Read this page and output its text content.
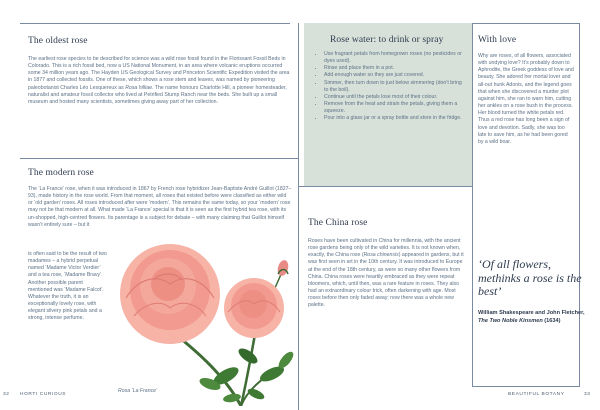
The oldest rose

The earliest rose species to be described for science was a wild rose fossil found in the Florissant Fossil Beds in Colorado. This is a rich fossil bed, now a US National Monument, in an area where volcanic eruptions occurred some 34 million years ago. The Hayden US Geological Survey and Princeton Scientific Expedition visited the area in 1877 and collected fossils. One of these, which shows a rose stem and leaves, was named by pioneering paleobotanist Charles Léo Lesquereux as Rosa hilliae. The name honours Charlotte Hill, a pioneer homesteader, naturalist and amateur fossil collector who lived at Petrified Stump Ranch near the beds. She built up a small museum and hosted many scientists, sometimes giving away part of her collection.

The modern rose

The ‘La France’ rose, when it was introduced in 1867 by French rose hybridizer Jean-Baptiste André Guillot (1827–93), made history in the rose world. From that moment, all roses that existed before were classified as either wild or ‘old garden’ roses. All roses introduced after were ‘modern’. This remains the same today, so your ‘modern’ rose may not be that modern at all. What made ‘La France’ special is that it is seen as the first hybrid tea rose, with its un-shopped, high-centred flowers. Its parentage is a subject for debate – with many claiming that Guillot himself wasn’t entirely sure – but it

is often said to be the result of two madames – a hybrid perpetual named ‘Madame Victor Verdier’ and a tea rose, ‘Madame Bravy’. Another possible parent mentioned was ‘Madame Falcot’. Whatever the truth, it is an exceptionally lovely rose, with elegant silvery pink petals and a strong, intense perfume.

Rosa ‘La France’
Rose water: to drink or spray
• Use fragrant petals from homegrown roses (no pesticides or dyes used).
• Rinse and place them in a pot.
• Add enough water so they are just covered.
• Simmer, then turn down to just below simmering (don’t bring to the boil).
• Continue until the petals lose most of their colour.
• Remove from the heat and strain the petals, giving them a squeeze.
• Pour into a glass jar or a spray bottle and store in the fridge.
With love

Why are roses, of all flowers, associated with undying love? It’s probably down to Aphrodite, the Greek goddess of love and beauty. She adored her mortal lover and all-out hunk Adonis, and the legend goes that when she discovered a murder plot against him, she ran to warn him, cutting her ankles on a rose bush in the process. Her blood turned the white petals red. Thus a red rose has long been a sign of love and devotion. Sadly, she was too late to save him, as he had been gored by a wild boar.

The China rose

Roses have been cultivated in China for millennia, with the ancient rose gardens being only of the wild varieties. It is not known when, exactly, the China rose (Rosa chinensis) appeared in gardens, but it was first seen in art in the 10th century. It was introduced to Europe at the end of the 18th century, as were so many other flowers from China. China roses were heartily embraced as they were repeat bloomers, which, until then, was a rare feature in roses. They also had an extraordinary colour trick, often darkening with age. Most roses before then only faded away; now there was a whole new palette.

‘Of all flowers, methinks a rose is the best’
William Shakespeare and John Fletcher, The Two Noble Kinsmen (1634)
32 HORTI CURIOUS	BEAUTIFUL BOTANY	33
